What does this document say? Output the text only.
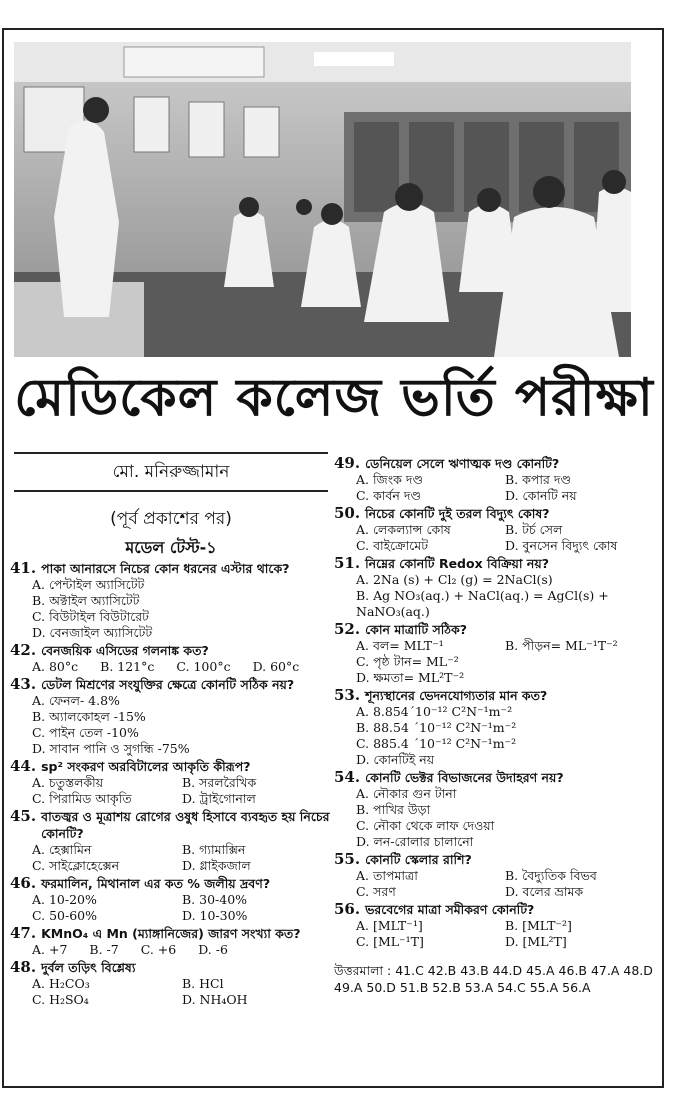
মেডিকেল কলেজ ভর্তি পরীক্ষা
মো. মনিরুজ্জামান
(পূর্ব প্রকাশের পর)
মডেল টেস্ট-১
41. পাকা আনারসে নিচের কোন ধরনের এস্টার থাকে?
A. পেন্টাইল অ্যাসিটেট
B. অক্টাইল অ্যাসিটেট
C. বিউটাইল বিউটারেট
D. বেনজাইল অ্যাসিটেট
42. বেনজয়িক এসিডের গলনাঙ্ক কত?
A. 80°c B. 121°c C. 100°c D. 60°c
43. ডেটল মিশ্রণের সংযুক্তির ক্ষেত্রে কোনটি সঠিক নয়?
A. ফেনল- 4.8%
B. অ্যালকোহল -15%
C. পাইন তেল -10%
D. সাবান পানি ও সুগন্ধি -75%
44. sp² সংকরণ অরবিটালের আকৃতি কীরূপ?
A. চতুস্তলকীয়	B. সরলরৈখিক
C. পিরামিড আকৃতি	D. ট্রাইগোনাল
45. বাতজ্বর ও মূত্রাশয় রোগের ওষুধ হিসাবে ব্যবহৃত হয় নিচের কোনটি?
A. হেক্সামিন	B. গ্যামাক্সিন
C. সাইক্লোহেক্সেন	D. গ্লাইকজাল
46. ফরমালিন, মিথানাল এর কত % জলীয় দ্রবণ?
A. 10-20%	B. 30-40%
C. 50-60%	D. 10-30%
47. KMnO₄ এ Mn (ম্যাঙ্গানিজের) জারণ সংখ্যা কত?
A. +7 B. -7 C. +6 D. -6
48. দুর্বল তড়িৎ বিশ্লেষ্য
A. H₂CO₃	B. HCl
C. H₂SO₄	D. NH₄OH
49. ডেনিয়েল সেলে ঋণাত্মক দণ্ড কোনটি?
A. জিংক দণ্ড	B. কপার দণ্ড
C. কার্বন দণ্ড	D. কোনটি নয়
50. নিচের কোনটি দুই তরল বিদ্যুৎ কোষ?
A. লেকল্যান্স কোষ	B. টর্চ সেল
C. বাইক্রোমেট	D. বুনসেন বিদ্যুৎ কোষ
51. নিম্নের কোনটি Redox বিক্রিয়া নয়?
A. 2Na (s) + Cl₂ (g) = 2NaCl(s)
B. Ag NO₃(aq.) + NaCl(aq.) = AgCl(s) + NaNO₃(aq.)
52. কোন মাত্রাটি সঠিক?
A. বল= MLT⁻¹	B. পীড়ন= ML⁻¹T⁻²
C. পৃষ্ঠ টান= ML⁻²
D. ক্ষমতা= ML²T⁻²
53. শূন্যস্থানের ভেদনযোগ্যতার মান কত?
A. 8.854´10⁻¹² C²N⁻¹m⁻²
B. 88.54 ´10⁻¹² C²N⁻¹m⁻²
C. 885.4 ´10⁻¹² C²N⁻¹m⁻²
D. কোনটিই নয়
54. কোনটি ভেক্টর বিভাজনের উদাহরণ নয়?
A. নৌকার গুন টানা
B. পাখির উড়া
C. নৌকা থেকে লাফ দেওয়া
D. লন-রোলার চালানো
55. কোনটি স্কেলার রাশি?
A. তাপমাত্রা	B. বৈদ্যুতিক বিভব
C. সরণ	D. বলের ভ্রামক
56. ভরবেগের মাত্রা সমীকরণ কোনটি?
A. [MLT⁻¹]	B. [MLT⁻²]
C. [ML⁻¹T]	D. [ML²T]
উত্তরমালা : 41.C 42.B 43.B 44.D 45.A 46.B 47.A 48.D 49.A 50.D 51.B 52.B 53.A 54.C 55.A 56.A
